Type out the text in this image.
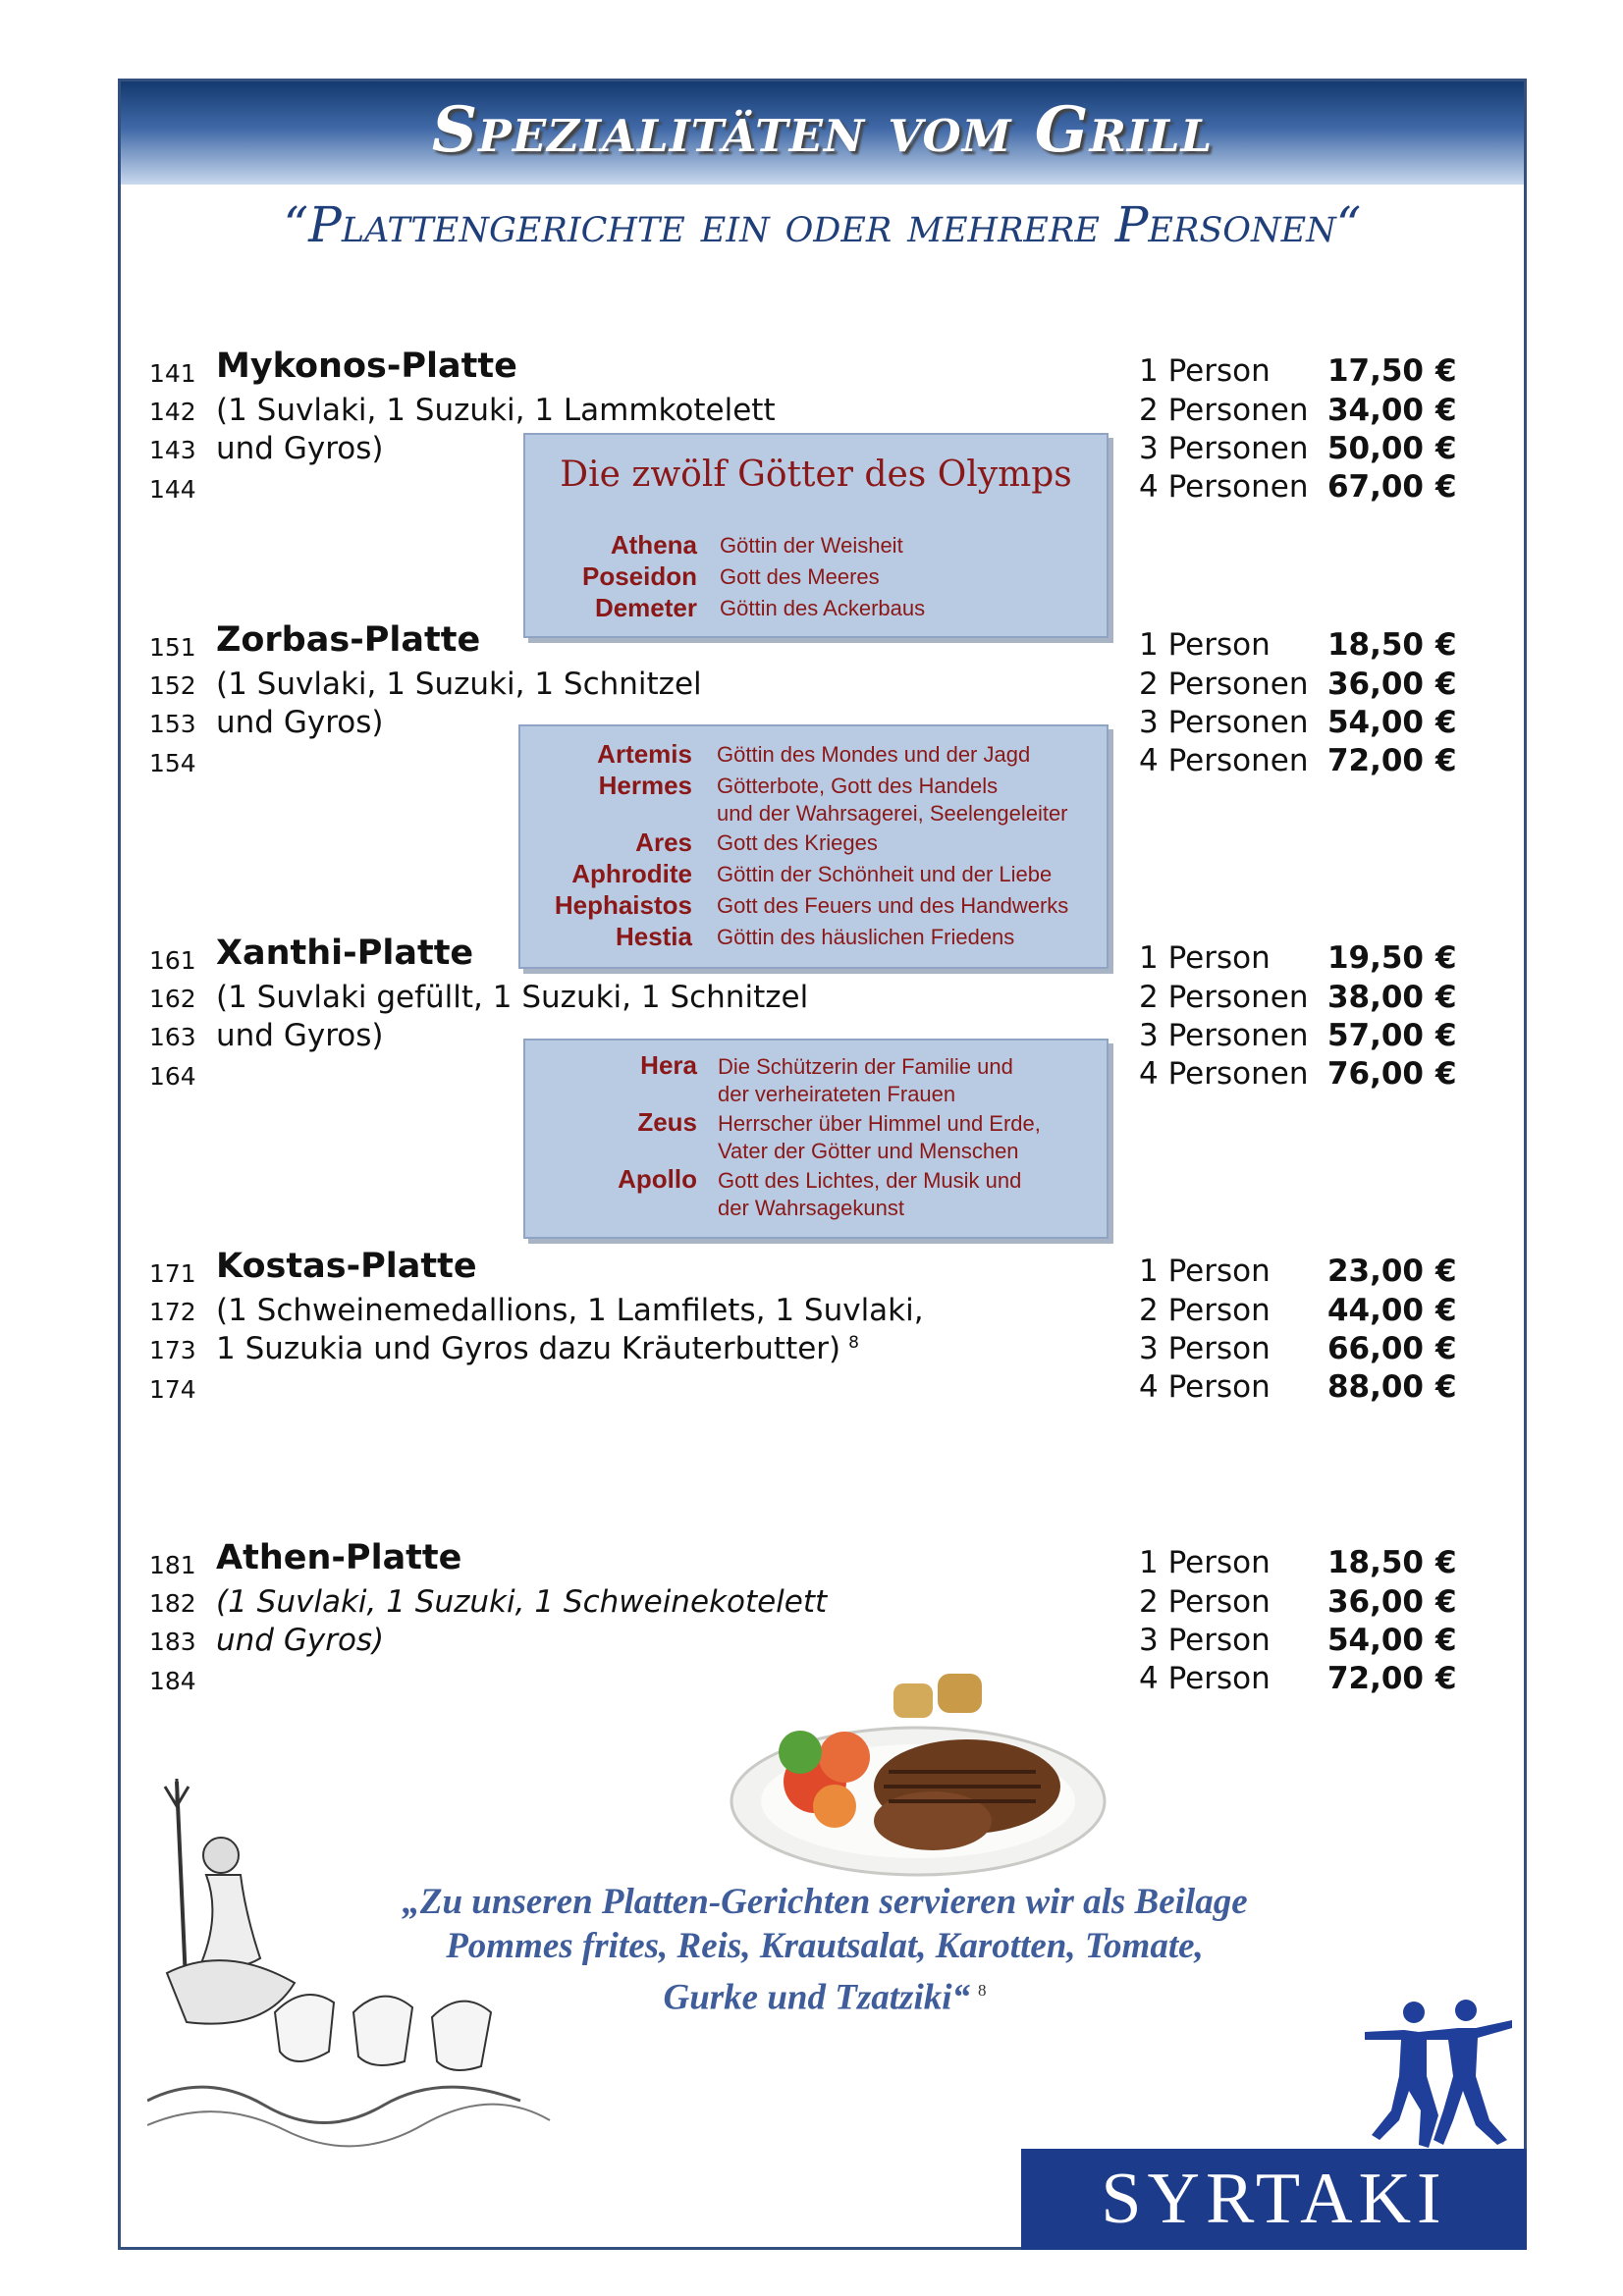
Spezialitäten vom Grill
“Plattengerichte ein oder mehrere Personen“
141
142
143
144
Mykonos-Platte
(1 Suvlaki, 1 Suzuki, 1 Lammkotelett
und Gyros)
1 Person
2 Personen
3 Personen
4 Personen
17,50
34,00
50,00
67,00
€
€
€
€
151
152
153
154
Zorbas-Platte
(1 Suvlaki, 1 Suzuki, 1 Schnitzel
und Gyros)
1 Person
2 Personen
3 Personen
4 Personen
18,50
36,00
54,00
72,00
€
€
€
€
161
162
163
164
Xanthi-Platte
(1 Suvlaki gefüllt, 1 Suzuki, 1 Schnitzel
und Gyros)
1 Person
2 Personen
3 Personen
4 Personen
19,50
38,00
57,00
76,00
€
€
€
€
171
172
173
174
Kostas-Platte
(1 Schweinemedallions, 1 Lamfilets, 1 Suvlaki,
1 Suzukia und Gyros dazu Kräuterbutter) $^8$
1 Person
2 Person
3 Person
4 Person
23,00
44,00
66,00
88,00
€
€
€
€
181
182
183
184
Athen-Platte
(1 Suvlaki, 1 Suzuki, 1 Schweinekotelett
und Gyros)
1 Person
2 Person
3 Person
4 Person
18,50
36,00
54,00
72,00
€
€
€
€
Die zwölf Götter des Olymps
Athena Göttin der Weisheit
Poseidon Gott des Meeres
Demeter Göttin des Ackerbaus
Artemis Göttin des Mondes und der Jagd
Hermes Götterbote, Gott des Handels
und der Wahrsagerei, Seelengeleiter
Ares Gott des Krieges
Aphrodite Göttin der Schönheit und der Liebe
Hephaistos Gott des Feuers und des Handwerks
Hestia Göttin des häuslichen Friedens
Hera Die Schützerin der Familie und
der verheirateten Frauen
Zeus Herrscher über Himmel und Erde,
Vater der Götter und Menschen
Apollo Gott des Lichtes, der Musik und
der Wahrsagekunst
„Zu unseren Platten-Gerichten servieren wir als Beilage
Pommes frites, Reis, Krautsalat, Karotten, Tomate,
Gurke und Tzatziki“ $^8$
SYRTAKI
